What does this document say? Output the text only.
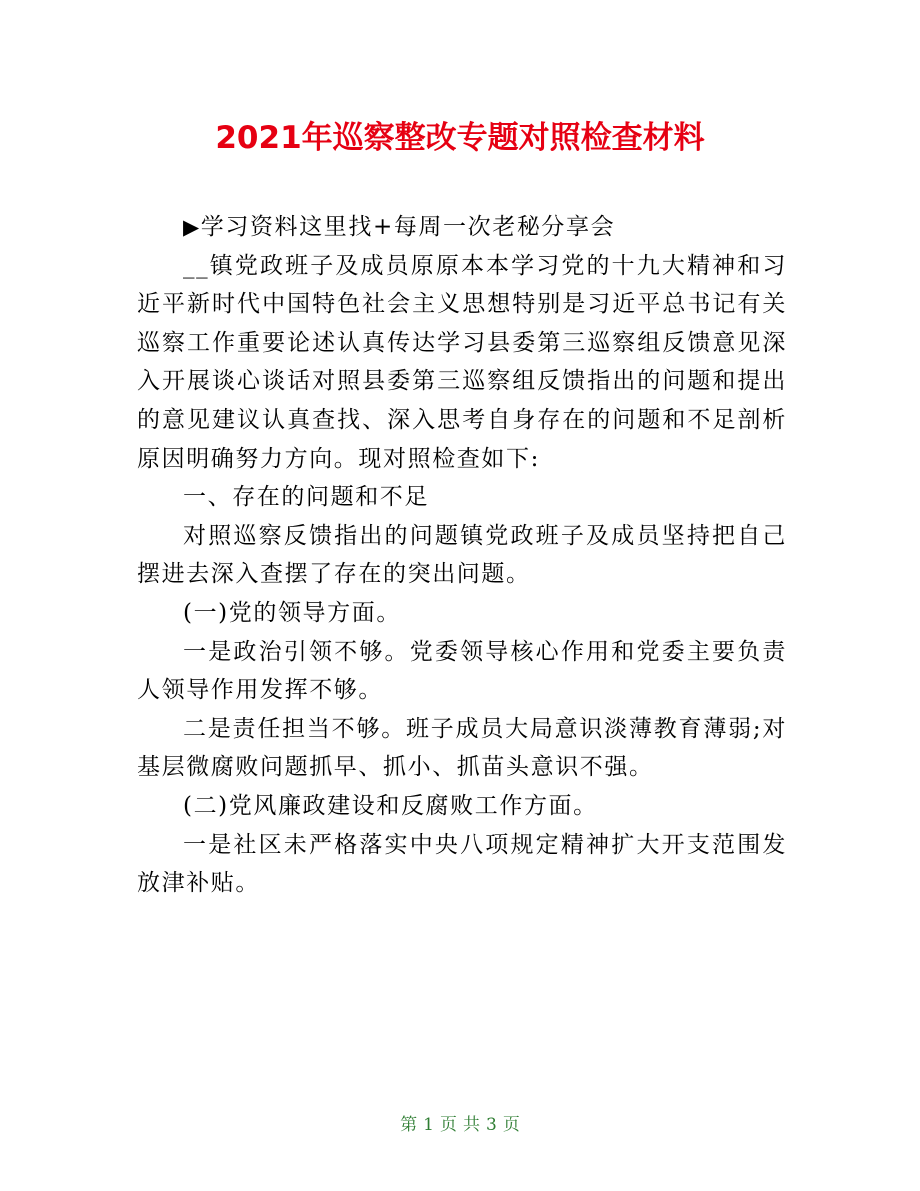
2021年巡察整改专题对照检查材料

▶学习资料这里找+每周一次老秘分享会

__镇党政班子及成员原原本本学习党的十九大精神和习近平新时代中国特色社会主义思想特别是习近平总书记有关巡察工作重要论述认真传达学习县委第三巡察组反馈意见深入开展谈心谈话对照县委第三巡察组反馈指出的问题和提出的意见建议认真查找、深入思考自身存在的问题和不足剖析原因明确努力方向。现对照检查如下:

一、存在的问题和不足

对照巡察反馈指出的问题镇党政班子及成员坚持把自己摆进去深入查摆了存在的突出问题。

(一)党的领导方面。

一是政治引领不够。党委领导核心作用和党委主要负责人领导作用发挥不够。

二是责任担当不够。班子成员大局意识淡薄教育薄弱;对基层微腐败问题抓早、抓小、抓苗头意识不强。

(二)党风廉政建设和反腐败工作方面。

一是社区未严格落实中央八项规定精神扩大开支范围发放津补贴。

第 1 页 共 3 页
